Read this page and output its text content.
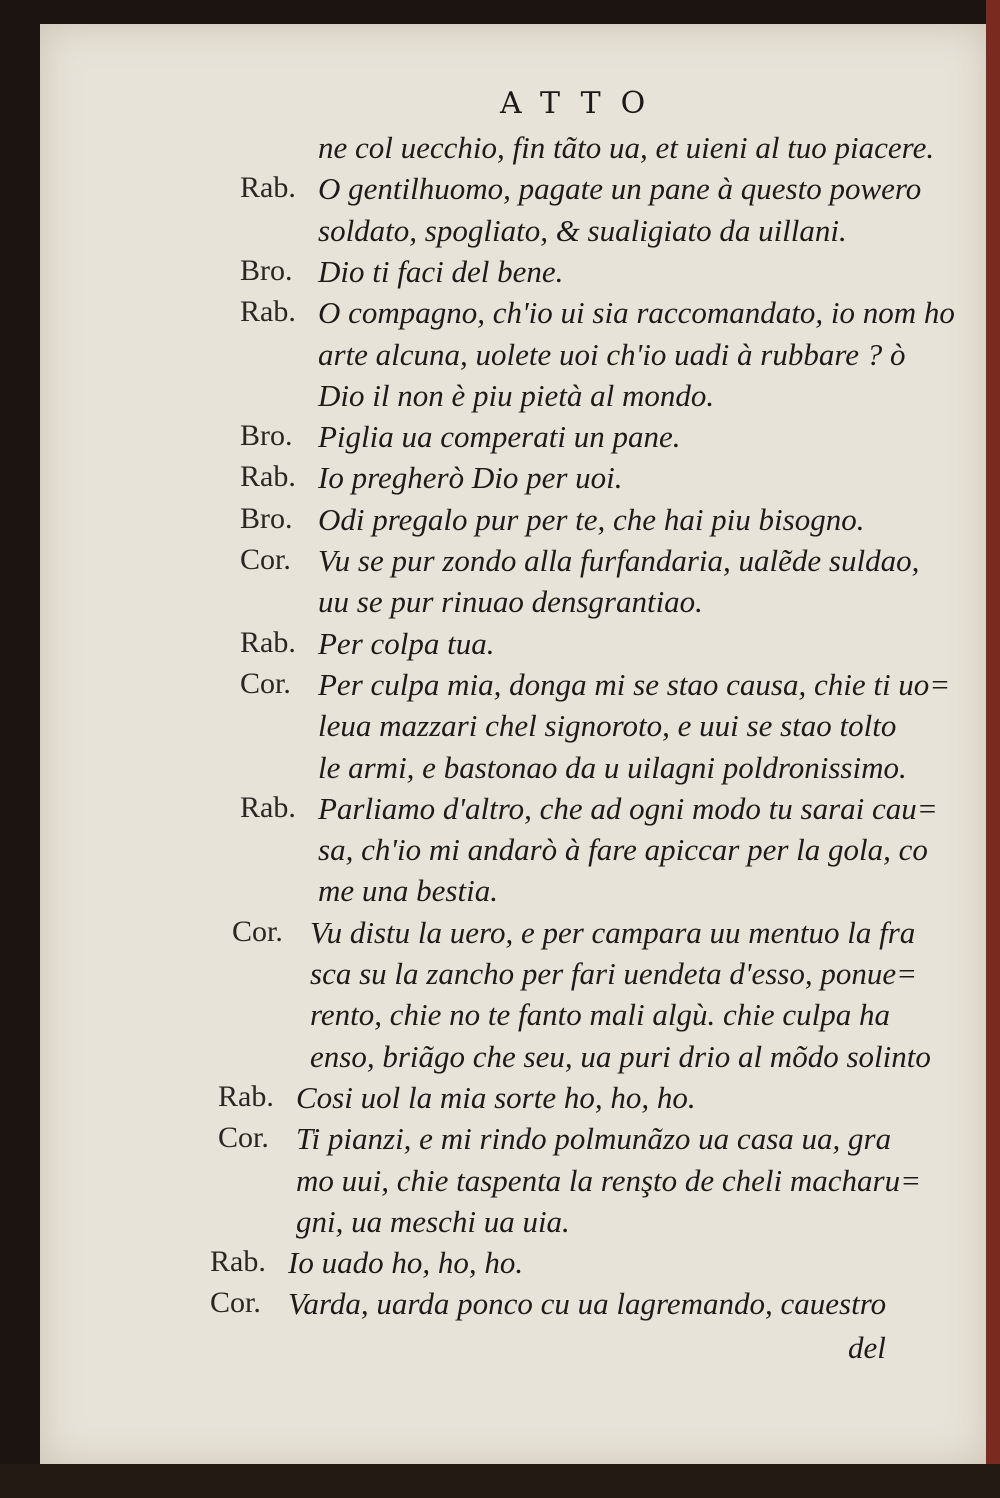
ATTO
ne col uecchio, fin tãto ua, et uieni al tuo piacere.
Rab. O gentilhuomo, pagate un pane à questo powero
soldato, spogliato, & sualigiato da uillani.
Bro. Dio ti faci del bene.
Rab. O compagno, ch'io ui sia raccomandato, io nom ho
arte alcuna, uolete uoi ch'io uadi à rubbare ? ò
Dio il non è piu pietà al mondo.
Bro. Piglia ua comperati un pane.
Rab. Io pregherò Dio per uoi.
Bro. Odi pregalo pur per te, che hai piu bisogno.
Cor. Vu se pur zondo alla furfandaria, ualẽde suldao,
uu se pur rinuao densgrantiao.
Rab. Per colpa tua.
Cor. Per culpa mia, donga mi se stao causa, chie ti uo=
leua mazzari chel signoroto, e uui se stao tolto
le armi, e bastonao da u uilagni poldronissimo.
Rab. Parliamo d'altro, che ad ogni modo tu sarai cau=
sa, ch'io mi andarò à fare apiccar per la gola, co
me una bestia.
Cor. Vu distu la uero, e per campara uu mentuo la fra
sca su la zancho per fari uendeta d'esso, ponue=
rento, chie no te fanto mali algù. chie culpa ha
enso, briãgo che seu, ua puri drio al mõdo solinto
Rab. Cosi uol la mia sorte ho, ho, ho.
Cor. Ti pianzi, e mi rindo polmunãzo ua casa ua, gra
mo uui, chie taspenta la renşto de cheli macharu=
gni, ua meschi ua uia.
Rab. Io uado ho, ho, ho.
Cor. Varda, uarda ponco cu ua lagremando, cauestro
del
